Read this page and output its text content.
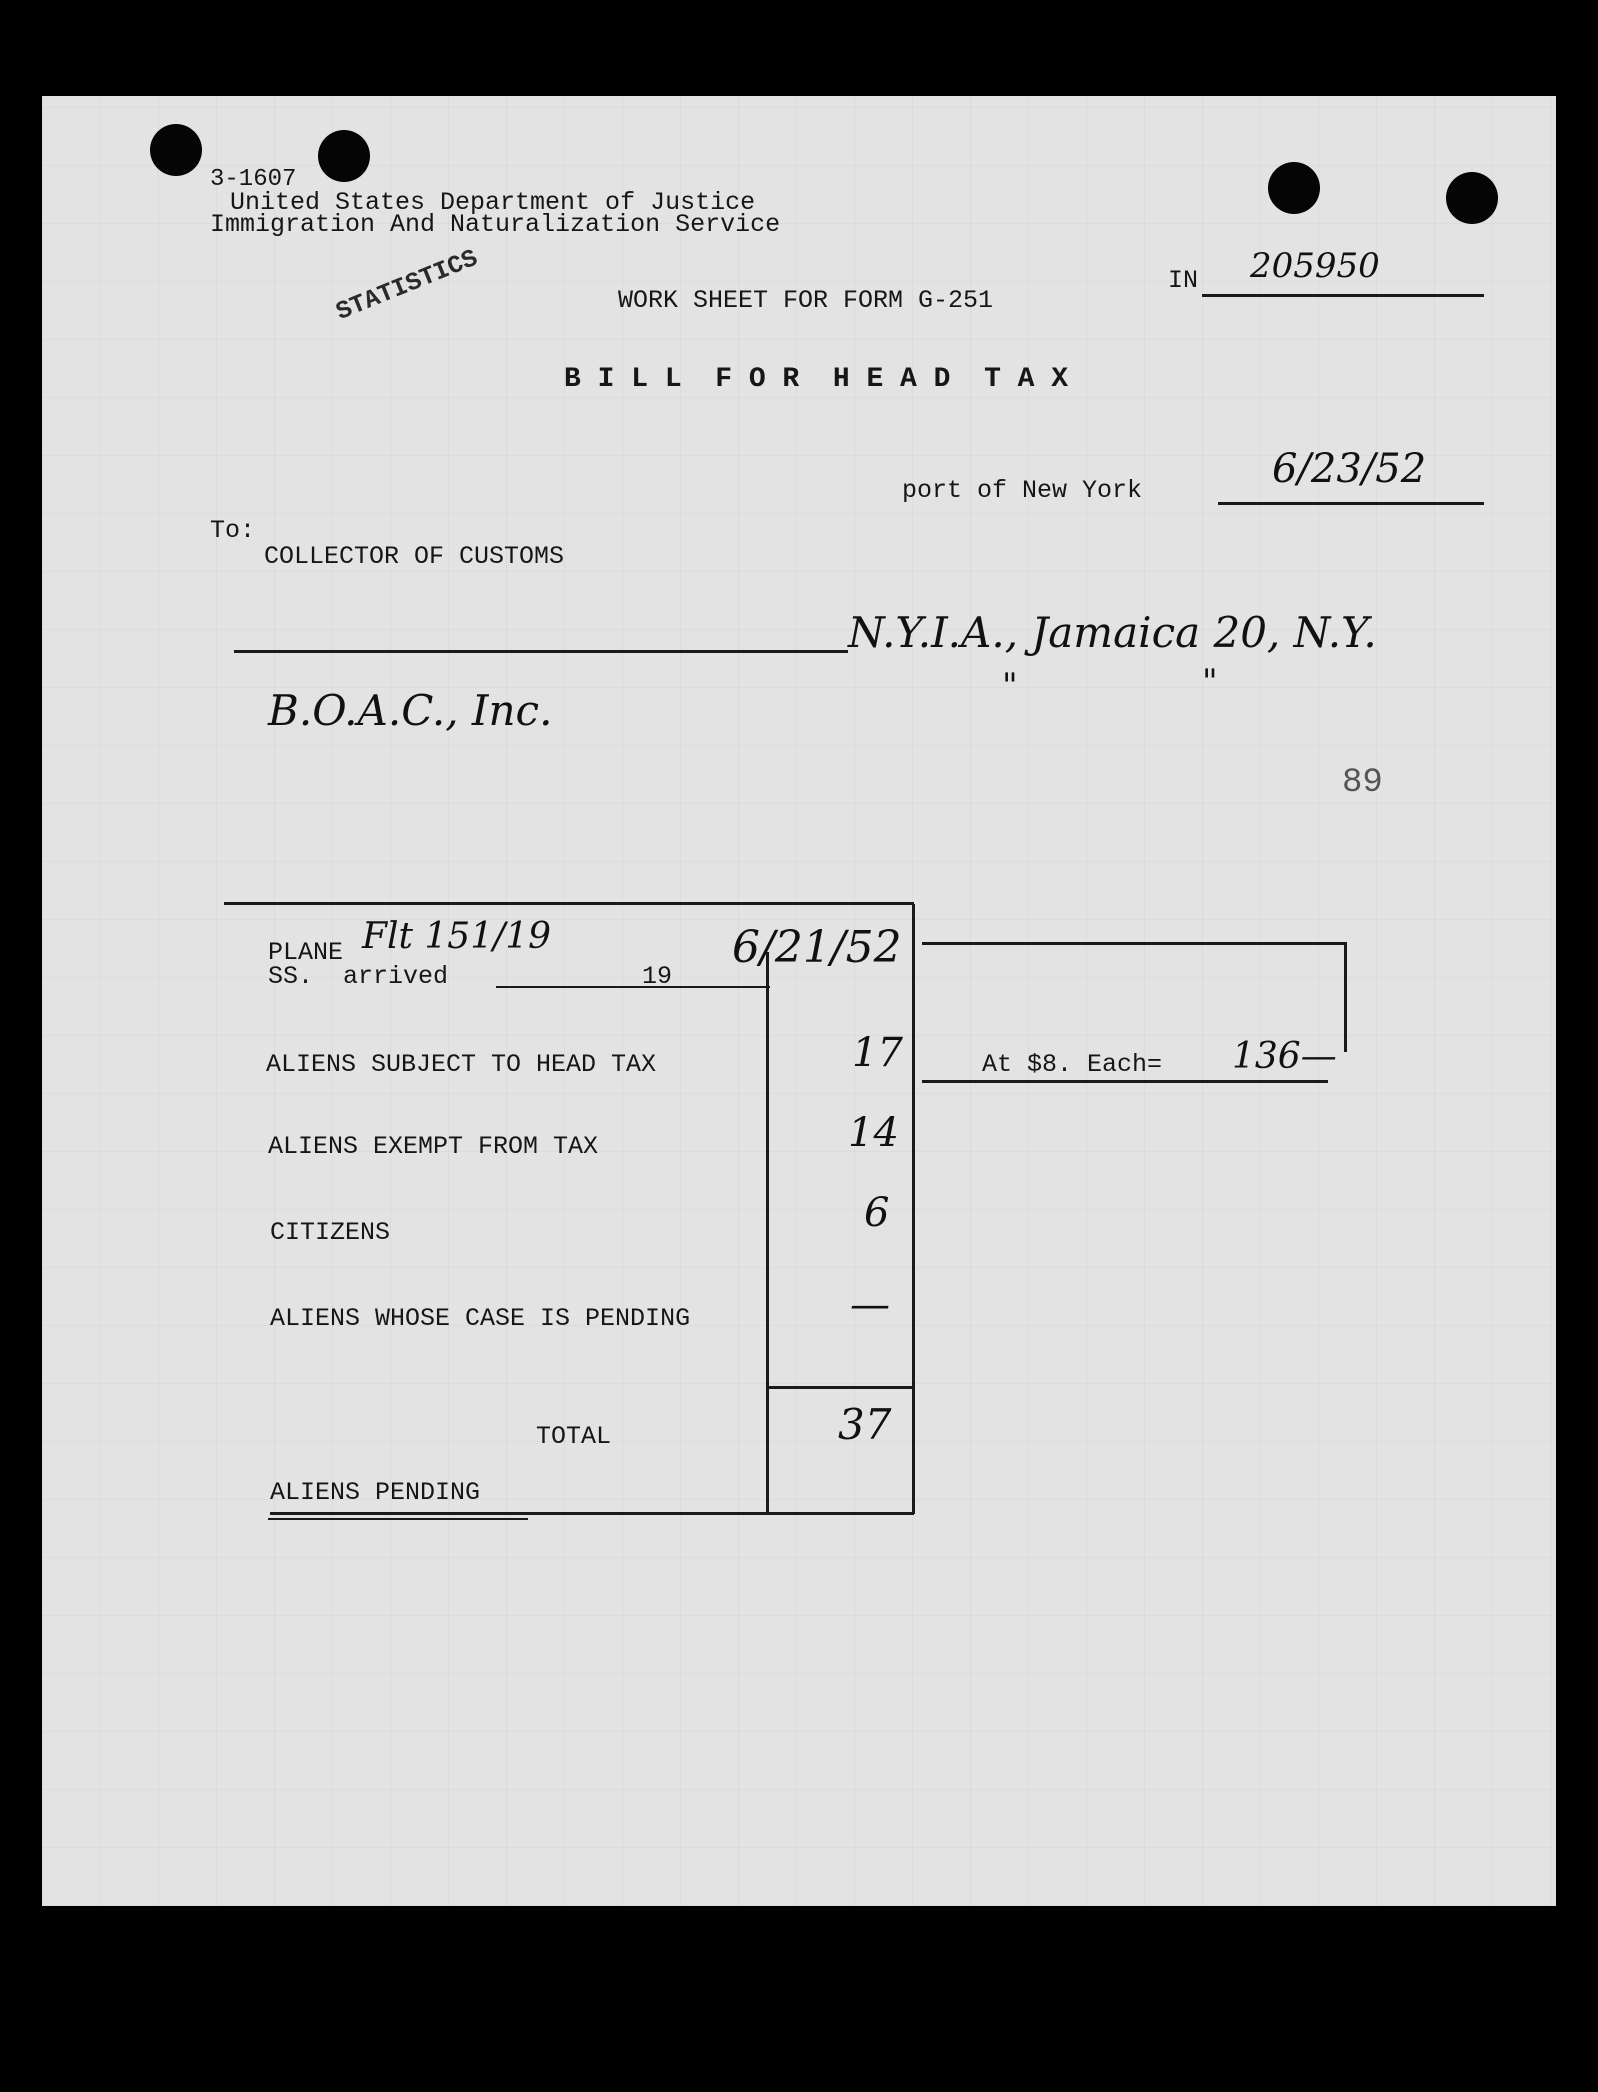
3-1607
United States Department of Justice
Immigration And Naturalization Service
IN 205950
STATISTICS	WORK SHEET FOR FORM G-251
B I L L  F O R  H E A D  T A X
port of New York	6/23/52
To:
COLLECTOR OF CUSTOMS
N.Y.I.A., Jamaica 20, N.Y.
"	"
B.O.A.C., Inc.
89
PLANE Flt 151/19
SS.  arrived	19
6/21/52
ALIENS SUBJECT TO HEAD TAX	17	At $8. Each= 136—
ALIENS EXEMPT FROM TAX	14
CITIZENS	6
ALIENS WHOSE CASE IS PENDING	—
TOTAL	37
ALIENS PENDING
